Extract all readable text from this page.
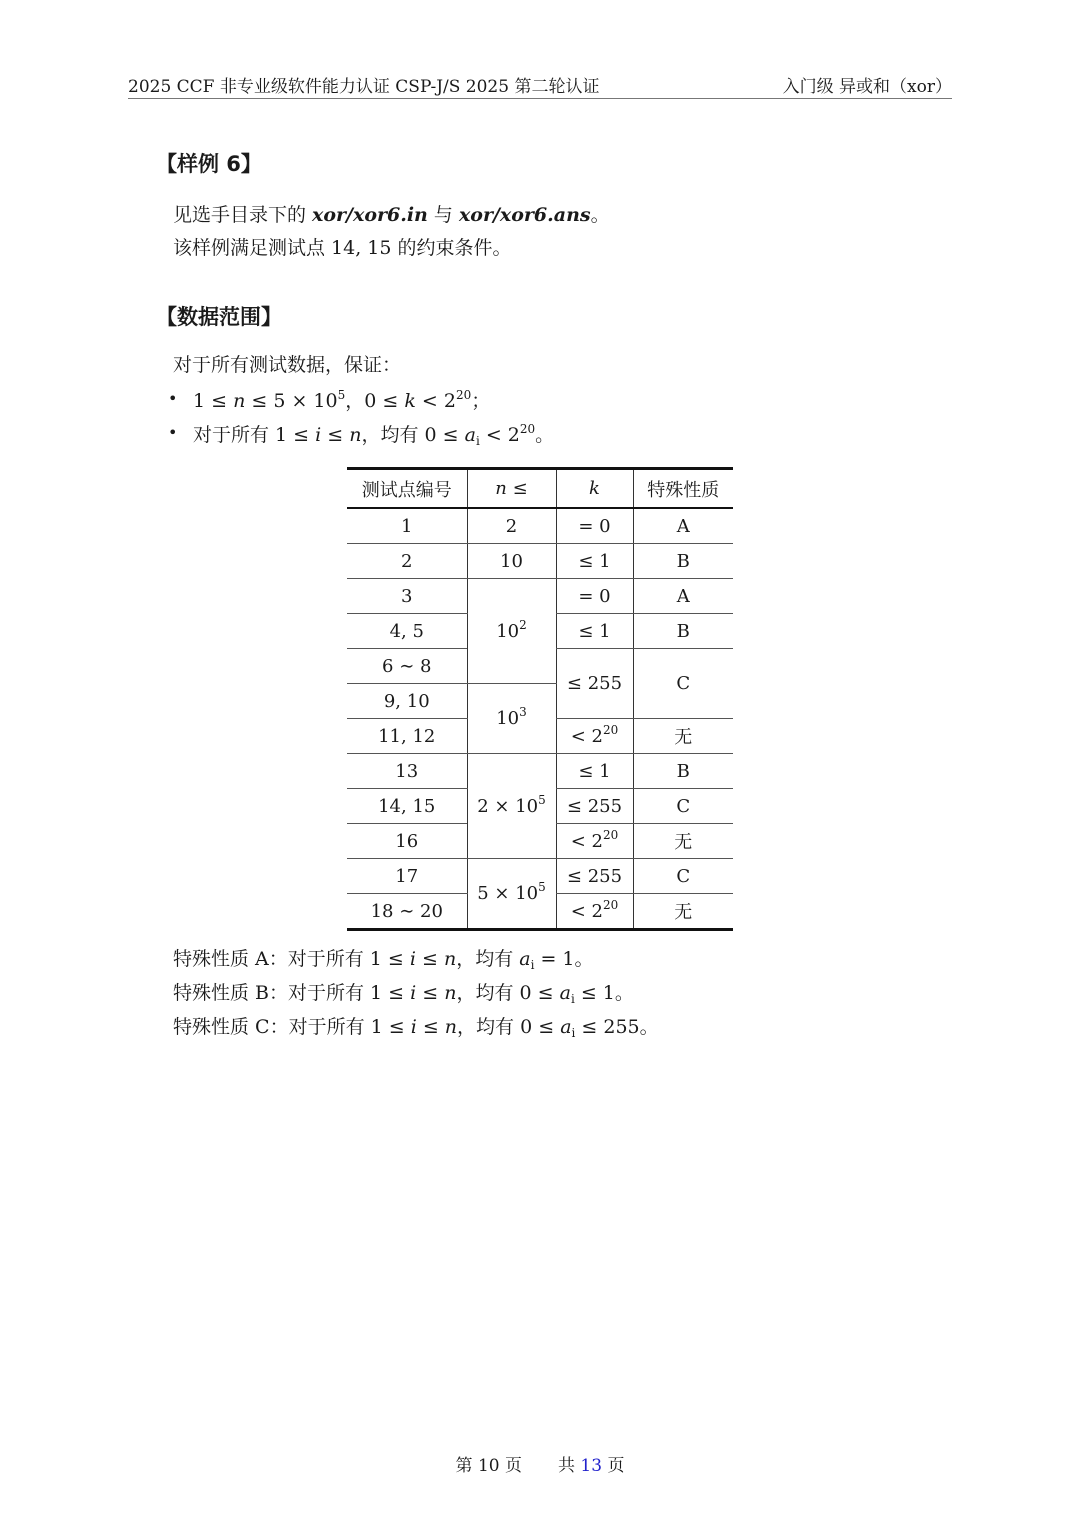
2025 CCF 非专业级软件能力认证 CSP-J/S 2025 第二轮认证	入门级 异或和（xor）
【样例 6】
见选手目录下的 xor/xor6.in 与 xor/xor6.ans。
该样例满足测试点 14, 15 的约束条件。
【数据范围】
对于所有测试数据，保证：
• $1 \le n \le 5 \times 10^5$，$0 \le k < 2^{20}$；
• 对于所有 1 ≤ i ≤ n，均有 $0 \le a_i < 2^{20}$。
测试点编号	n ≤	k	特殊性质
1	2	= 0	A
2	10	≤ 1	B
3	$10^2$	= 0	A
4, 5		≤ 1	B
6 ∼ 8		≤ 255	C
9, 10	$10^3$
11, 12		< $2^{20}$	无
13	$2 \times 10^5$	≤ 1	B
14, 15		≤ 255	C
16		< $2^{20}$	无
17	$5 \times 10^5$	≤ 255	C
18 ∼ 20		< $2^{20}$	无
特殊性质 A：对于所有 1 ≤ i ≤ n，均有 $a_i = 1$。
特殊性质 B：对于所有 1 ≤ i ≤ n，均有 $0 \le a_i \le 1$。
特殊性质 C：对于所有 1 ≤ i ≤ n，均有 $0 \le a_i \le 255$。
第 10 页 共 13 页
